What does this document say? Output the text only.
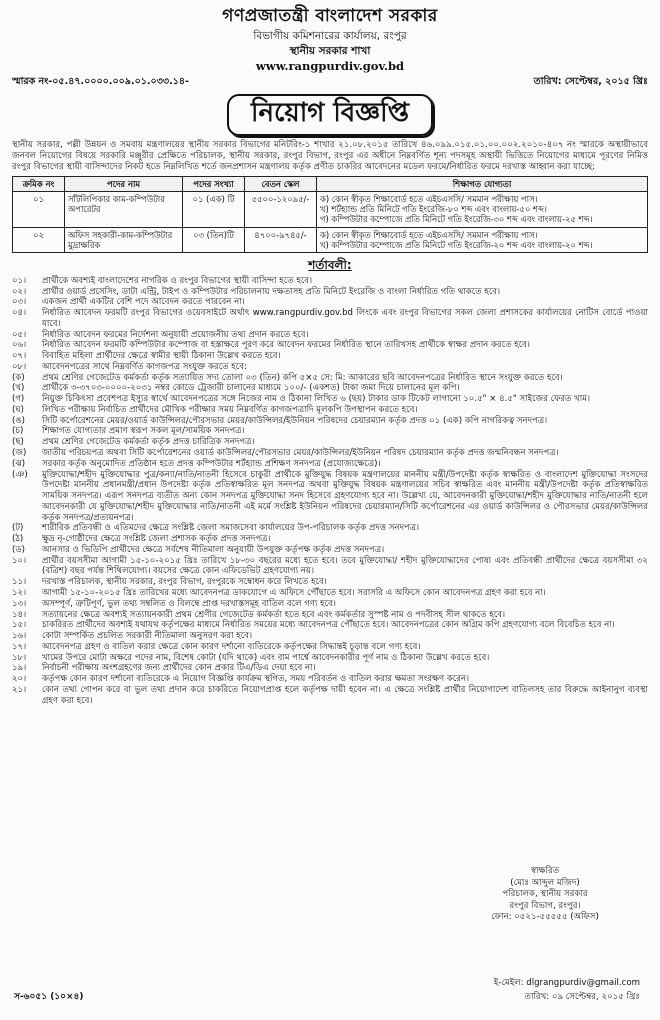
গণপ্রজাতন্ত্রী বাংলাদেশ সরকার
বিভাগীয় কমিশনারের কার্যালয়, রংপুর
স্থানীয় সরকার শাখা
www.rangpurdiv.gov.bd
স্মারক নং-০৫.৪৭.০০০০.০০৯.০১.০৩৩.১৪-	তারিখ: সেপ্টেম্বর, ২০১৫ খ্রিঃ
নিয়োগ বিজ্ঞপ্তি
স্থানীয় সরকার, পল্লী উন্নয়ন ও সমবায় মন্ত্রণালয়ের স্থানীয় সরকার বিভাগের মনিটরিং-১ শাখার ২১.০৮.২০১৫ তারিখে ৪৬.০৯৯.০১৫.০১.০০.০০২.২০১০-৪০৭ নং স্মারকে অস্থায়ীভাবে জনবল নিয়োগের বিষয়ে সরকারি মঞ্জুরীর প্রেক্ষিতে পরিচালক, স্থানীয় সরকার, রংপুর বিভাগ, রংপুর এর অধীনে নিম্নবর্ণিত শূন্য পদসমূহ অস্থায়ী ভিত্তিতে নিয়োগের মাধ্যমে পূরণের নিমিত্ত রংপুর বিভাগের স্থায়ী বাসিন্দাদের নিকট হতে নিম্নলিখিত শর্তে জনপ্রশাসন মন্ত্রণালয় কর্তৃক প্রণীত চাকরির আবেদনের মডেল ফরমে/নির্ধারিত ফরমে দরখাস্ত আহ্বান করা যাচ্ছে:
ক্রমিক নং	পদের নাম	পদের সংখ্যা	বেতন স্কেল	শিক্ষাগত যোগ্যতা
০১	সাঁটলিপিকার কাম-কম্পিউটার অপারেটর	০১ (এক) টি	৫৫০০-১২০৯৫/-	ক) কোন স্বীকৃত শিক্ষাবোর্ড হতে এইচএসসি/ সমমান পরীক্ষায় পাস।
খ) শর্টহ্যান্ড প্রতি মিনিটে গতি ইংরেজি-৮০ শব্দ এবং বাংলায়-৫০ শব্দ।
গ) কম্পিউটার কম্পোজে প্রতি মিনিটে গতি ইংরেজি-৩০ শব্দ এবং বাংলায়-২৫ শব্দ।

০২	অফিস সহকারী-কাম-কম্পিউটার মুদ্রাক্ষরিক	০৩ (তিন)টি	৪৭০০-৯৭৪৫/-	ক) কোন স্বীকৃত শিক্ষাবোর্ড হতে এইচএসসি/ সমমান পরীক্ষায় পাস।
খ) কম্পিউটার কম্পোজে প্রতি মিনিটে গতি ইংরেজি-২০ শব্দ এবং বাংলায়-২০ শব্দ।
শর্তাবলী:
০১।	প্রার্থীকে অবশ্যই বাংলাদেশের নাগরিক ও রংপুর বিভাগের স্থায়ী বাসিন্দা হতে হবে।
০২।	প্রার্থীর ওয়ার্ড প্রসেসিং, ডাটা এন্ট্রি, টাইপ ও কম্পিউটার পরিচালনায় দক্ষতাসহ প্রতি মিনিটে ইংরেজি ও বাংলা নির্ধারিত গতি থাকতে হবে।
০৩।	একজন প্রার্থী একটির বেশি পদে আবেদন করতে পারবেন না।
০৪।	নির্ধারিত আবেদন ফরমটি রংপুর বিভাগের ওয়েবসাইটে অর্থাৎ www.rangpurdiv.gov.bd লিংকে এবং রংপুর বিভাগের সকল জেলা প্রশাসকের কার্যালয়ের নোটিস বোর্ডে পাওয়া যাবে।
০৫।	নির্ধারিত আবেদন ফরমের নির্দেশনা অনুযায়ী প্রয়োজনীয় তথ্য প্রদান করতে হবে।
০৬।	নির্ধারিত আবেদন ফরমটি কম্পিউটার কম্পোজ বা হস্তাক্ষরে পূরণ করে আবেদন ফরমের নির্ধারিত স্থানে তারিখসহ প্রার্থীকে স্বাক্ষর প্রদান করতে হবে।
০৭।	বিবাহিত মহিলা প্রার্থীদের ক্ষেত্রে স্বামীর স্থায়ী ঠিকানা উল্লেখ করতে হবে।
০৮।	আবেদনপত্রের সাথে নিম্নবর্ণিত কাগজপত্র সংযুক্ত করতে হবে:
(ক)	প্রথম শ্রেণির গেজেটেড কর্মকর্তা কর্তৃক সত্যায়িত সদ্য তোলা ০৩ (তিন) কপি ৫×৫ সে: মি: আকারের ছবি আবেদনপত্রের নির্ধারিত স্থানে সংযুক্ত করতে হবে।
(খ)	প্রার্থীকে ৩-৩৭০৩-০০০০-২০৩১ নম্বর কোডে ট্রেজারী চালানের মাধ্যমে ১০০/- (একশত) টাকা জমা দিয়ে চালানের মূল কপি।
(গ)	নিয়ুক্ত চিকিৎসা প্রবেশপত্র ইস্যুর স্বার্থে আবেদনপত্রের সঙ্গে নিজের নাম ও ঠিকানা লিখিত ৬ (ছয়) টাকার ডাক টিকেট লাগানো ১০.৫" × ৪.৫" সাইজের ফেরত খাম।
(ঘ)	লিখিত পরীক্ষায় নির্বাচিত প্রার্থীদের মৌখিক পরীক্ষার সময় নিম্নবর্ণিত কাগজপত্রাদি মূলকপি উপস্থাপন করতে হবে।
(ঙ)	সিটি কর্পোরেশনের মেয়র/ওয়ার্ড কাউন্সিলর/পৌরসভার মেয়র/কাউন্সিলর/ইউনিয়ন পরিষদের চেয়ারম্যান কর্তৃক প্রদত্ত ০১ (এক) কপি নাগরিকত্ব সনদপত্র।
(চ)	শিক্ষাগত যোগ্যতার প্রমাণ স্বরূপ সকল মূল/সাময়িক সনদপত্র।
(ছ)	প্রথম শ্রেণির গেজেটেড কর্মকর্তা কর্তৃক প্রদত্ত চারিত্রিক সনদপত্র।
(জ)	জাতীয় পরিচয়পত্র অথবা সিটি কর্পোরেশনের ওয়ার্ড কাউন্সিলর/পৌরসভার মেয়র/কাউন্সিলর/ইউনিয়ন পরিষদ চেয়ারম্যান কর্তৃক প্রদত্ত জন্মনিবন্ধন সনদপত্র।
(ঝ)	সরকার কর্তৃক অনুমোদিত প্রতিষ্ঠান হতে প্রদত্ত কম্পিউটার শর্টহ্যান্ড প্রশিক্ষণ সনদপত্র (প্রযোজ্যক্ষেত্রে)।
(ঞ)	মুক্তিযোদ্ধা/শহীদ মুক্তিযোদ্ধার পুত্র/কন্যা/নাতি/নাতনী হিসেবে চাকুরী প্রার্থীকে মুক্তিযুদ্ধ বিষয়ক মন্ত্রণালয়ের মাননীয় মন্ত্রী/উপদেষ্টা কর্তৃক স্বাক্ষরিত ও বাংলাদেশ মুক্তিযোদ্ধা সংসদের উপদেষ্টা মাননীয় প্রধানমন্ত্রী/প্রধান উপদেষ্টা কর্তৃক প্রতিস্বাক্ষরিত মূল সনদপত্র অথবা মুক্তিযুদ্ধ বিষয়ক মন্ত্রণালয়ের সচিব স্বাক্ষরিত এবং মাননীয় মন্ত্রী/উপদেষ্টা কর্তৃক প্রতিস্বাক্ষরিত সাময়িক সনদপত্র। এরূপ সনদপত্র ব্যতীত অন্য কোন সনদপত্র মুক্তিযোদ্ধা সনদ হিসেবে গ্রহণযোগ্য হবে না। উল্লেখ্য যে, আবেদনকারী মুক্তিযোদ্ধা/শহীদ মুক্তিযোদ্ধার নাতি/নাতনী হলে আবেদনকারী যে মুক্তিযোদ্ধা/শহীদ মুক্তিযোদ্ধার নাতি/নাতনী এই মর্মে সংশ্লিষ্ট ইউনিয়ন পরিষদের চেয়ারম্যান/সিটি কর্পোরেশনের এর ওয়ার্ড কাউন্সিলর ও পৌরসভার মেয়র/কাউন্সিলর কর্তৃক সনদপত্র/প্রত্যয়নপত্র।
(ট)	শারীরিক প্রতিবন্ধী ও এতিমদের ক্ষেত্রে সংশ্লিষ্ট জেলা সমাজসেবা কার্যালয়ের উপ-পরিচালক কর্তৃক প্রদত্ত সনদপত্র।
(ঠ)	ক্ষুদ্র নৃ-গোষ্ঠীদের ক্ষেত্রে সংশ্লিষ্ট জেলা প্রশাসক কর্তৃক প্রদত্ত সনদপত্র।
(ড)	আনসার ও ভিডিপি প্রার্থীদের ক্ষেত্রে সর্বশেষ নীতিমালা অনুযায়ী উপযুক্ত কর্তৃপক্ষ কর্তৃক প্রদত্ত সনদপত্র।
১০।	প্রার্থীর বয়সসীমা আগামী ১৫-১০-২০১৫ খ্রিঃ তারিখে ১৮-৩০ বছরের মধ্যে হতে হবে। তবে মুক্তিযোদ্ধা/ শহীদ মুক্তিযোদ্ধাদের পোষ্য এবং প্রতিবন্ধী প্রার্থীদের ক্ষেত্রে বয়সসীমা ৩২ (বত্রিশ) বছর পর্যন্ত শিথিলযোগ্য। বয়সের ক্ষেত্রে কোন এফিডেভিট গ্রহণযোগ্য নয়।
১১।	দরখাস্ত পরিচালক, স্থানীয় সরকার, রংপুর বিভাগ, রংপুরকে সম্বোধন করে লিখতে হবে।
১২।	আগামী ১৫-১০-২০১৫ খ্রিঃ তারিখের মধ্যে আবেদনপত্র ডাকযোগে এ অফিসে পৌঁছাতে হবে। সরাসরি এ অফিসে কোন আবেদনপত্র গ্রহণ করা হবে না।
১৩।	অসম্পূর্ণ, ত্রুটিপূর্ণ, ভুল তথ্য সম্বলিত ও বিলম্বে প্রাপ্ত দরখাস্তসমূহ বাতিল বলে গণ্য হবে।
১৪।	সত্যায়নের ক্ষেত্রে অবশ্যই সত্যায়নকারী প্রথম শ্রেণীর গেজেটেড কর্মকর্তা হতে হবে এবং কর্মকর্তার সুস্পষ্ট নাম ও পদবীসহ সীল থাকতে হবে।
১৫।	চাকরিরত প্রার্থীদের অবশ্যই যথাযথ কর্তৃপক্ষের মাধ্যমে নির্ধারিত সময়ের মধ্যে আবেদনপত্র পৌঁছাতে হবে। আবেদনপত্রের কোন অগ্রিম কপি গ্রহণযোগ্য বলে বিবেচিত হবে না।
১৬।	কোটা সম্পর্কিত প্রচলিত সরকারী নীতিমালা অনুসরণ করা হবে।
১৭।	আবেদনপত্র গ্রহণ ও বাতিল করার ক্ষেত্রে কোন কারণ দর্শানো ব্যতিরেকে কর্তৃপক্ষের সিদ্ধান্তই চূড়ান্ত বলে গণ্য হবে।
১৮।	খামের উপরে মোটা অক্ষরে পদের নাম, বিশেষ কোটা (যদি থাকে) এবং বাম পার্শ্বে আবেদনকারীর পূর্ণ নাম ও ঠিকানা উল্লেখ করতে হবে।
১৯।	নির্বাচনী পরীক্ষায় অংশগ্রহণের জন্য প্রার্থীদের কোন প্রকার টিএ/ডিএ দেয়া হবে না।
২০।	কর্তৃপক্ষ কোন কারণ দর্শানো ব্যতিরেকে এ নিয়োগ বিজ্ঞপ্তি কার্যক্রম স্থগিত, সময় পরিবর্তন ও বাতিল করার ক্ষমতা সংরক্ষণ করেন।
২১।	কোন তথ্য গোপন করে বা ভুল তথ্য প্রদান করে চাকরিতে নিয়োগপ্রাপ্ত হলে কর্তৃপক্ষ দায়ী হবেন না। এ ক্ষেত্রে সংশ্লিষ্ট প্রার্থীর নিয়োগাদেশ বাতিলসহ তার বিরুদ্ধে আইনানুগ ব্যবস্থা গ্রহণ করা হবে।
স্বাক্ষরিত
(মোঃ আব্দুল মজিদ)
পরিচালক, স্থানীয় সরকার
রংপুর বিভাগ, রংপুর।
ফোন: ০৫২১-৫৫৫৫৫ (অফিস)
ই-মেইল: dlgrangpurdiv@gmail.com
তারিখ: ০৯ সেপ্টেম্বর, ২০১৫ খ্রিঃ
স-৬০৫১ (১০×৪)
